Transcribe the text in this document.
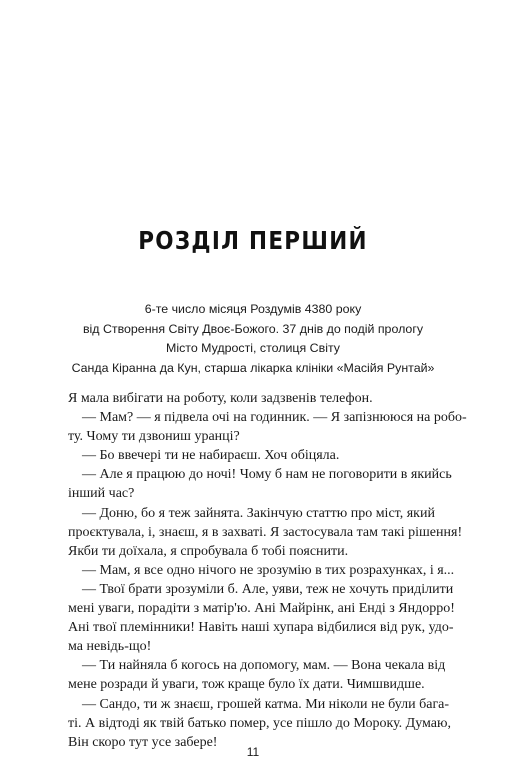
РОЗДІЛ ПЕРШИЙ
6-те число місяця Роздумів 4380 року
від Створення Світу Двоє-Божого. 37 днів до подій прологу
Місто Мудрості, столиця Світу
Санда Кіранна да Кун, старша лікарка клініки «Масійя Рунтай»
Я мала вибігати на роботу, коли задзвенів телефон.
— Мам? — я підвела очі на годинник. — Я запізнююся на робо-
ту. Чому ти дзвониш уранці?
— Бо ввечері ти не набираєш. Хоч обіцяла.
— Але я працюю до ночі! Чому б нам не поговорити в якийсь
інший час?
— Доню, бо я теж зайнята. Закінчую статтю про міст, який
проєктувала, і, знаєш, я в захваті. Я застосувала там такі рішення!
Якби ти доїхала, я спробувала б тобі пояснити.
— Мам, я все одно нічого не зрозумію в тих розрахунках, і я...
— Твої брати зрозуміли б. Але, уяви, теж не хочуть приділити
мені уваги, порадіти з матір'ю. Ані Майрінк, ані Енді з Яндорро!
Ані твої племінники! Навіть наші хупара відбилися від рук, удо-
ма невідь-що!
— Ти найняла б когось на допомогу, мам. — Вона чекала від
мене розради й уваги, тож краще було їх дати. Чимшвидше.
— Сандо, ти ж знаєш, грошей катма. Ми ніколи не були бага-
ті. А відтоді як твій батько помер, усе пішло до Мороку. Думаю,
Він скоро тут усе забере!
11
